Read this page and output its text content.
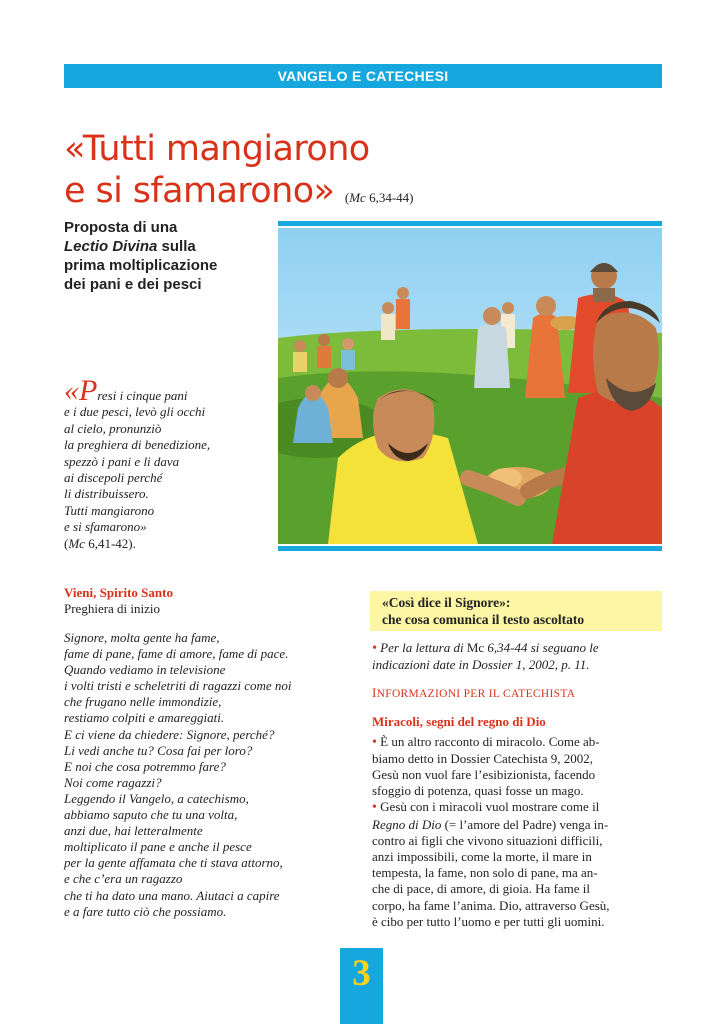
VANGELO E CATECHESI
«Tutti mangiarono
e si sfamarono» (Mc 6,34-44)
Proposta di una
Lectio Divina sulla
prima moltiplicazione
dei pani e dei pesci
«Presi i cinque pani
e i due pesci, levò gli occhi
al cielo, pronunziò
la preghiera di benedizione,
spezzò i pani e li dava
ai discepoli perché
li distribuissero.
Tutti mangiarono
e si sfamarono»
(Mc 6,41-42).
Vieni, Spirito Santo
Preghiera di inizio
Signore, molta gente ha fame,
fame di pane, fame di amore, fame di pace.
Quando vediamo in televisione
i volti tristi e scheletriti di ragazzi come noi
che frugano nelle immondizie,
restiamo colpiti e amareggiati.
E ci viene da chiedere: Signore, perché?
Li vedi anche tu? Cosa fai per loro?
E noi che cosa potremmo fare?
Noi come ragazzi?
Leggendo il Vangelo, a catechismo,
abbiamo saputo che tu una volta,
anzi due, hai letteralmente
moltiplicato il pane e anche il pesce
per la gente affamata che ti stava attorno,
e che c’era un ragazzo
che ti ha dato una mano. Aiutaci a capire
e a fare tutto ciò che possiamo.
«Così dice il Signore»:
che cosa comunica il testo ascoltato
• Per la lettura di Mc 6,34-44 si seguano le
indicazioni date in Dossier 1, 2002, p. 11.
INFORMAZIONI PER IL CATECHISTA
Miracoli, segni del regno di Dio
• È un altro racconto di miracolo. Come ab-
biamo detto in Dossier Catechista 9, 2002,
Gesù non vuol fare l’esibizionista, facendo
sfoggio di potenza, quasi fosse un mago.
• Gesù con i miracoli vuol mostrare come il
Regno di Dio (= l’amore del Padre) venga in-
contro ai figli che vivono situazioni difficili,
anzi impossibili, come la morte, il mare in
tempesta, la fame, non solo di pane, ma an-
che di pace, di amore, di gioia. Ha fame il
corpo, ha fame l’anima. Dio, attraverso Gesù,
è cibo per tutto l’uomo e per tutti gli uomini.
3
